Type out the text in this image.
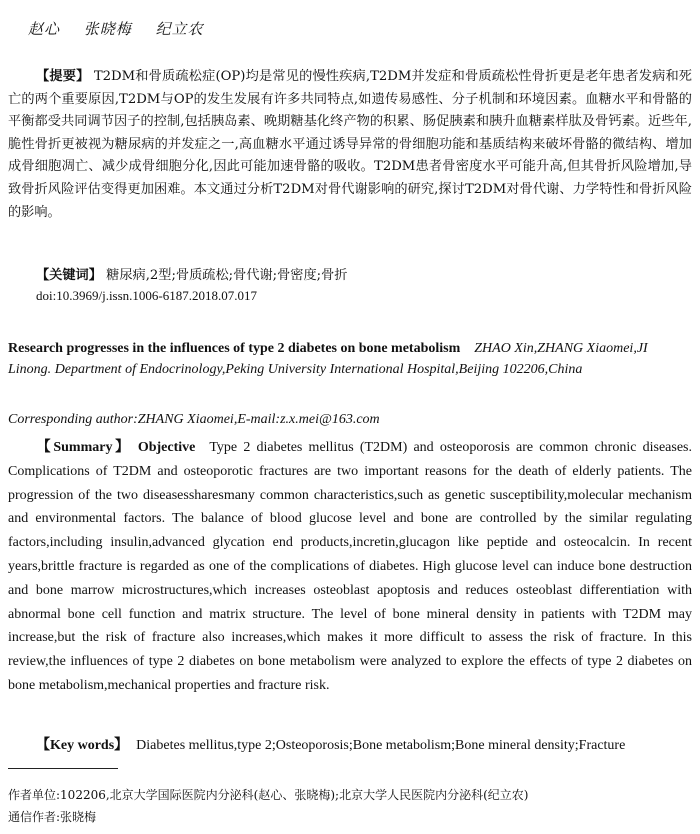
赵心 张晓梅 纪立农
【提要】 T2DM和骨质疏松症(OP)均是常见的慢性疾病,T2DM并发症和骨质疏松性骨折更是老年患者发病和死亡的两个重要原因,T2DM与OP的发生发展有许多共同特点,如遗传易感性、分子机制和环境因素。血糖水平和骨骼的平衡都受共同调节因子的控制,包括胰岛素、晚期糖基化终产物的积累、肠促胰素和胰升血糖素样肽及骨钙素。近些年,脆性骨折更被视为糖尿病的并发症之一,高血糖水平通过诱导异常的骨细胞功能和基质结构来破坏骨骼的微结构、增加成骨细胞凋亡、减少成骨细胞分化,因此可能加速骨骼的吸收。T2DM患者骨密度水平可能升高,但其骨折风险增加,导致骨折风险评估变得更加困难。本文通过分析T2DM对骨代谢影响的研究,探讨T2DM对骨代谢、力学特性和骨折风险的影响。
【关键词】 糖尿病,2型;骨质疏松;骨代谢;骨密度;骨折
doi:10.3969/j.issn.1006-6187.2018.07.017
Research progresses in the influences of type 2 diabetes on bone metabolism ZHAO Xin,ZHANG Xiaomei,JI Linong. Department of Endocrinology,Peking University International Hospital,Beijing 102206,China
Corresponding author:ZHANG Xiaomei,E-mail:z.x.mei@163.com
【Summary】 Objective Type 2 diabetes mellitus (T2DM) and osteoporosis are common chronic diseases. Complications of T2DM and osteoporotic fractures are two important reasons for the death of elderly patients. The progression of the two diseasessharesmany common characteristics,such as genetic susceptibility,molecular mechanism and environmental factors. The balance of blood glucose level and bone are controlled by the similar regulating factors,including insulin,advanced glycation end products,incretin,glucagon like peptide and osteocalcin. In recent years,brittle fracture is regarded as one of the complications of diabetes. High glucose level can induce bone destruction and bone marrow microstructures,which increases osteoblast apoptosis and reduces osteoblast differentiation with abnormal bone cell function and matrix structure. The level of bone mineral density in patients with T2DM may increase,but the risk of fracture also increases,which makes it more difficult to assess the risk of fracture. In this review,the influences of type 2 diabetes on bone metabolism were analyzed to explore the effects of type 2 diabetes on bone metabolism,mechanical properties and fracture risk.
【Key words】 Diabetes mellitus,type 2;Osteoporosis;Bone metabolism;Bone mineral density;Fracture
作者单位:102206,北京大学国际医院内分泌科(赵心、张晓梅);北京大学人民医院内分泌科(纪立农)
通信作者:张晓梅
